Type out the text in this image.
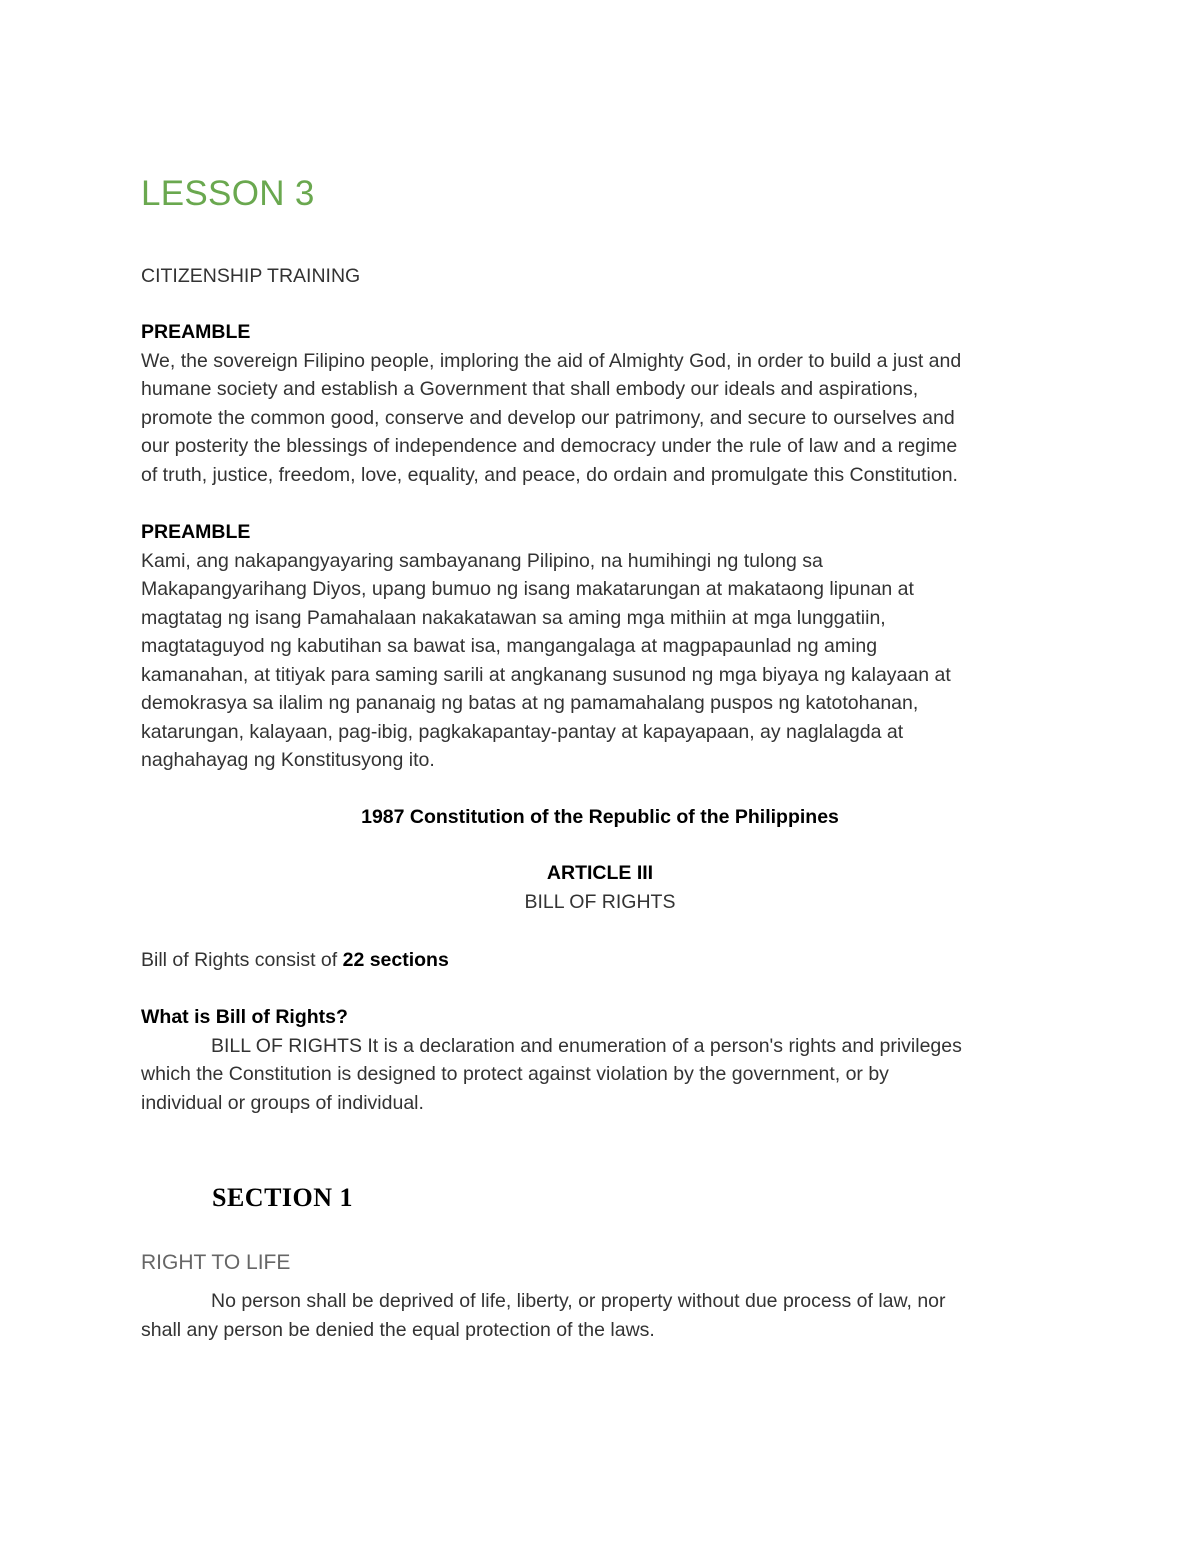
LESSON 3
CITIZENSHIP TRAINING
PREAMBLE
We, the sovereign Filipino people, imploring the aid of Almighty God, in order to build a just and
humane society and establish a Government that shall embody our ideals and aspirations,
promote the common good, conserve and develop our patrimony, and secure to ourselves and
our posterity the blessings of independence and democracy under the rule of law and a regime
of truth, justice, freedom, love, equality, and peace, do ordain and promulgate this Constitution.
PREAMBLE
Kami, ang nakapangyayaring sambayanang Pilipino, na humihingi ng tulong sa
Makapangyarihang Diyos, upang bumuo ng isang makatarungan at makataong lipunan at
magtatag ng isang Pamahalaan nakakatawan sa aming mga mithiin at mga lunggatiin,
magtataguyod ng kabutihan sa bawat isa, mangangalaga at magpapaunlad ng aming
kamanahan, at titiyak para saming sarili at angkanang susunod ng mga biyaya ng kalayaan at
demokrasya sa ilalim ng pananaig ng batas at ng pamamahalang puspos ng katotohanan,
katarungan, kalayaan, pag-ibig, pagkakapantay-pantay at kapayapaan, ay naglalagda at
naghahayag ng Konstitusyong ito.
1987 Constitution of the Republic of the Philippines
ARTICLE III
BILL OF RIGHTS
Bill of Rights consist of 22 sections
What is Bill of Rights?
BILL OF RIGHTS It is a declaration and enumeration of a person's rights and privileges
which the Constitution is designed to protect against violation by the government, or by
individual or groups of individual.
SECTION 1
RIGHT TO LIFE
No person shall be deprived of life, liberty, or property without due process of law, nor
shall any person be denied the equal protection of the laws.
